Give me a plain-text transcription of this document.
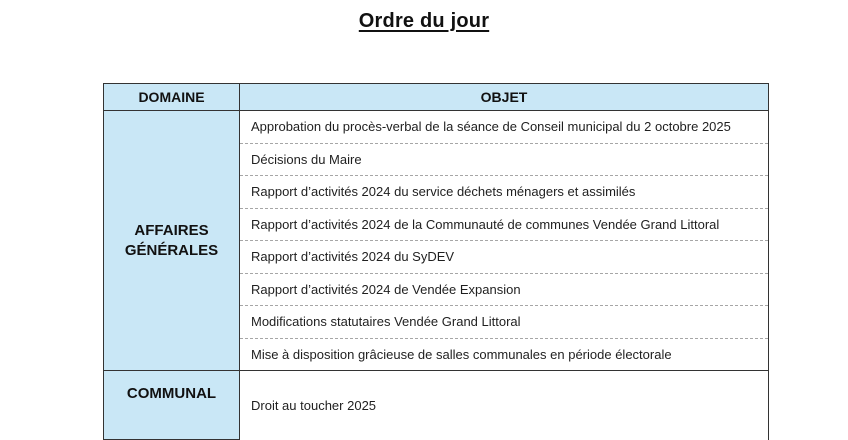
Ordre du jour
DOMAINE	OBJET
AFFAIRES GÉNÉRALES	Approbation du procès-verbal de la séance de Conseil municipal du 2 octobre 2025
	Décisions du Maire
	Rapport d’activités 2024 du service déchets ménagers et assimilés
	Rapport d’activités 2024 de la Communauté de communes Vendée Grand Littoral
	Rapport d’activités 2024 du SyDEV
	Rapport d’activités 2024 de Vendée Expansion
	Modifications statutaires Vendée Grand Littoral
	Mise à disposition grâcieuse de salles communales en période électorale
COMMUNAL	Droit au toucher 2025
